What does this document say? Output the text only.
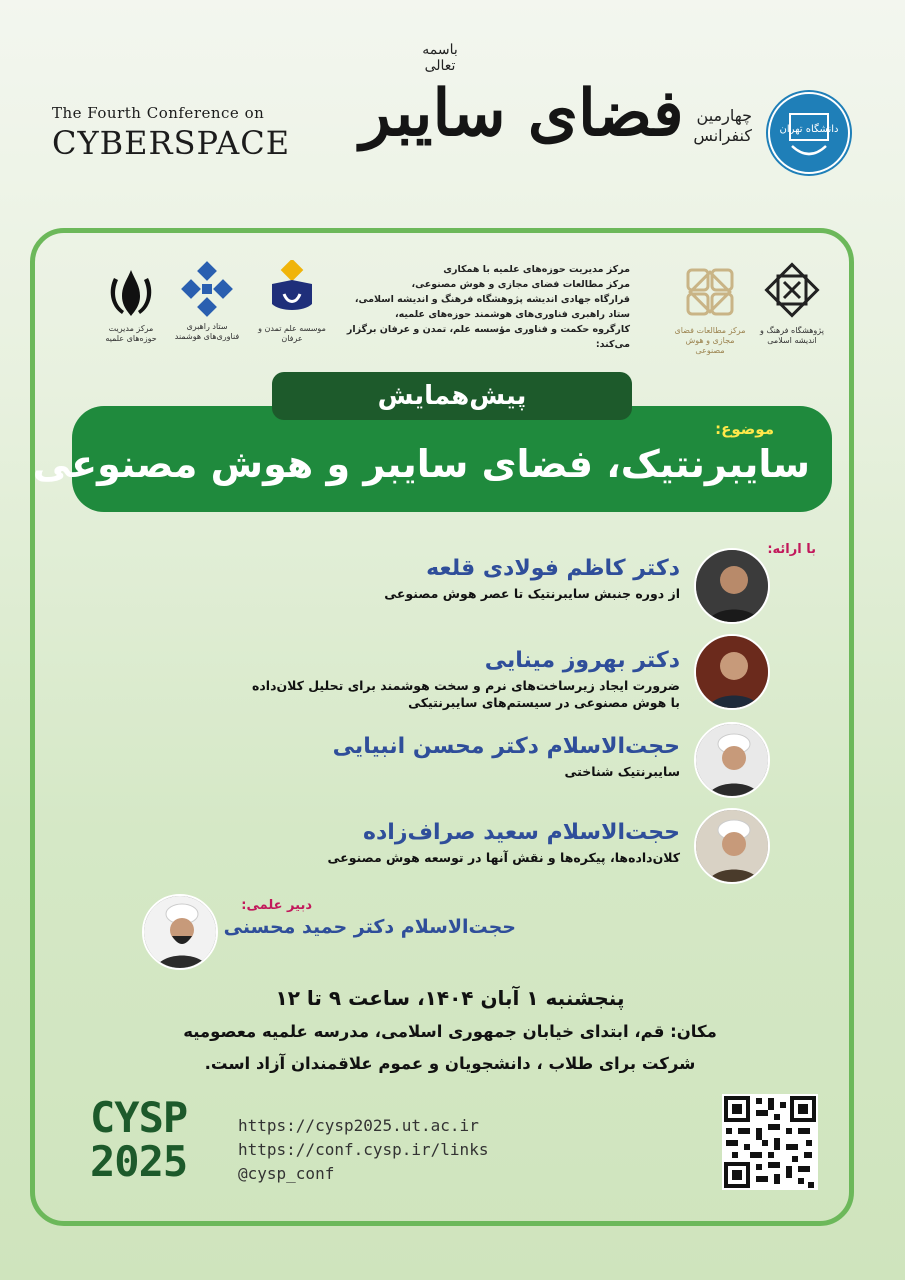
The Fourth Conference on
CYBERSPACE
باسمه تعالی
فضای سایبر چهارمین
کنفرانس	دانشگاه تهران
مرکز مدیریت حوزه‌های علمیه
ستاد راهبری
فناوری‌های هوشمند
موسسه علم تمدن و عرفان
مرکز مدیریت حوزه‌های علمیه با همکاری
مرکز مطالعات فضای مجازی و هوش مصنوعی،
قرارگاه جهادی اندیشه پژوهشگاه فرهنگ و اندیشه اسلامی،
ستاد راهبری فناوری‌های هوشمند حوزه‌های علمیه،
کارگروه حکمت و فناوری مؤسسه علم، تمدن و عرفان برگزار می‌کند:
مرکز مطالعات فضای مجازی و هوش مصنوعی
پژوهشگاه فرهنگ و اندیشه اسلامی
پیش‌همایش
موضوع:
سایبرنتیک، فضای سایبر و هوش مصنوعی
با ارائه:
دکتر کاظم فولادی قلعه
از دوره جنبش سایبرنتیک تا عصر هوش مصنوعی
دکتر بهروز مینایی
ضرورت ایجاد زیرساخت‌های نرم و سخت هوشمند برای تحلیل کلان‌داده با هوش مصنوعی در سیستم‌های سایبرنتیکی
حجت‌الاسلام دکتر محسن انبیایی
سایبرنتیک شناختی
حجت‌الاسلام سعید صراف‌زاده
کلان‌داده‌ها، پیکره‌ها و نقش آنها در توسعه هوش مصنوعی
دبیر علمی:
حجت‌الاسلام دکتر حمید محسنی
پنجشنبه ۱ آبان ۱۴۰۴، ساعت ۹ تا ۱۲
مکان: قم، ابتدای خیابان جمهوری اسلامی، مدرسه علمیه معصومیه
شرکت برای طلاب ، دانشجویان و عموم علاقمندان آزاد است.
CYSP
2025
https://cysp2025.ut.ac.ir
https://conf.cysp.ir/links
@cysp_conf
